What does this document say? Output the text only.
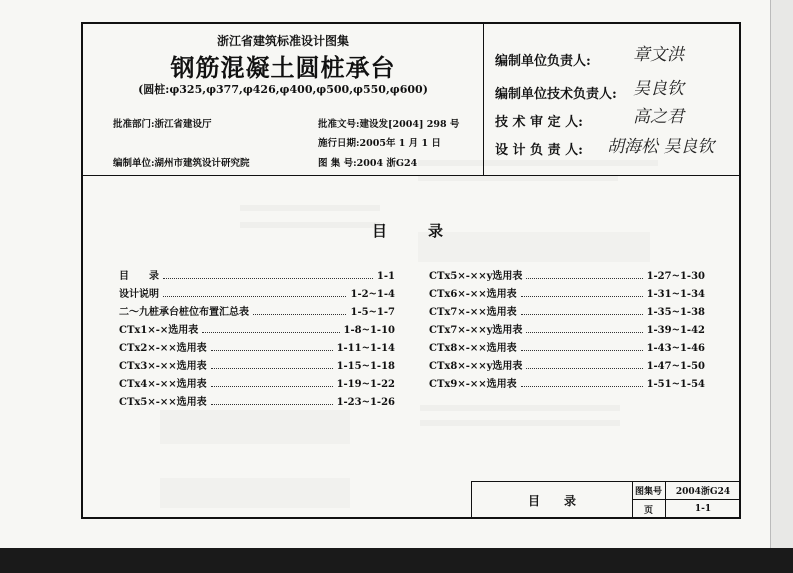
浙江省建筑标准设计图集
钢筋混凝土圆桩承台
(圆桩:φ325,φ377,φ426,φ400,φ500,φ550,φ600)
批准部门:浙江省建设厅	批准文号:建设发[2004] 298 号
施行日期:2005年 1 月 1 日
编制单位:湖州市建筑设计研究院	图 集 号:2004 浙G24
编制单位负责人: 章文洪
编制单位技术负责人: 吴良钦
技 术 审 定 人:	高之君
设 计 负 责 人: 胡海松 吴良钦
目	录
目　　录	1-1
设计说明	1-2~1-4
二～九桩承台桩位布置汇总表	1-5~1-7
CTx1×-×选用表	1-8~1-10
CTx2×-××选用表	1-11~1-14
CTx3×-××选用表	1-15~1-18
CTx4×-××选用表	1-19~1-22
CTx5×-××选用表	1-23~1-26
CTx5×-××y选用表	1-27~1-30
CTx6×-××选用表	1-31~1-34
CTx7×-××选用表	1-35~1-38
CTx7×-××y选用表	1-39~1-42
CTx8×-××选用表	1-43~1-46
CTx8×-××y选用表	1-47~1-50
CTx9×-××选用表	1-51~1-54
目　　录
图集号	2004浙G24
页	1-1
